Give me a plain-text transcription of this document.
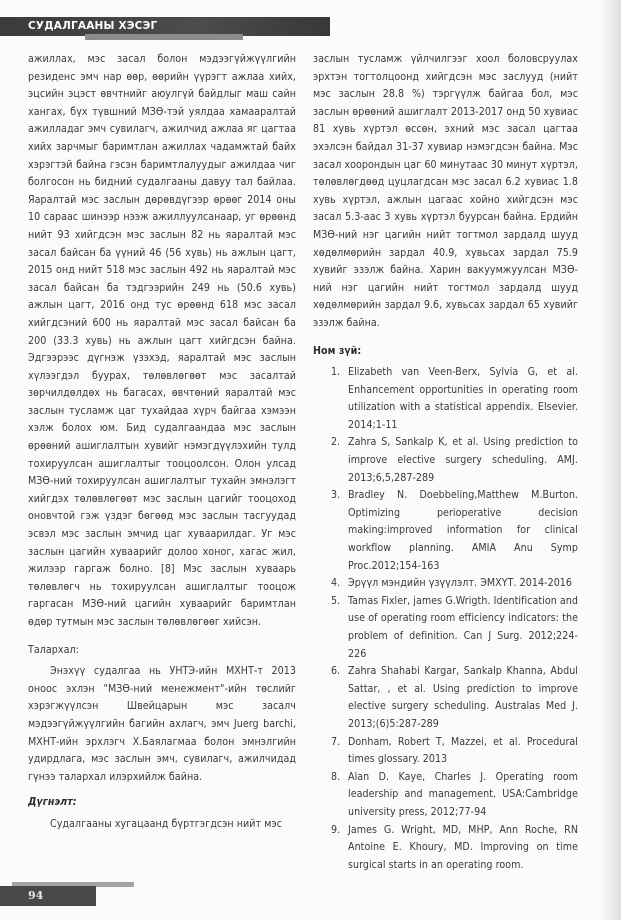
СУДАЛГААНЫ ХЭСЭГ

ажиллах, мэс засал болон мэдээгүйжүүлгийн резиденс эмч нар өөр, өөрийн үүрэгт ажлаа хийх, эцсийн эцэст өвчтнийг аюулгүй байдлыг маш сайн хангах, бүх түвшний МЗӨ-тэй уялдаа хамааралтай ажилладаг эмч сувилагч, ажилчид ажлаа яг цагтаа хийх зарчмыг баримтлан ажиллах чадамжтай байх хэрэгтэй байна гэсэн баримтлалуудыг ажилдаа чиг болгосон нь бидний судалгааны давуу тал байлаа. Яаралтай мэс заслын дөрөвдүгээр өрөөг 2014 оны 10 сараас шинээр нээж ажиллуулсанаар, уг өрөөнд нийт 93 хийгдсэн мэс заслын 82 нь яаралтай мэс засал байсан ба үүний 46 (56 хувь) нь ажлын цагт, 2015 онд нийт 518 мэс заслын 492 нь яаралтай мэс засал байсан ба тэдгээрийн 249 нь (50.6 хувь) ажлын цагт, 2016 онд тус өрөөнд 618 мэс засал хийгдсэний 600 нь яаралтай мэс засал байсан ба 200 (33.3 хувь) нь ажлын цагт хийгдсэн байна. Эдгээрээс дүгнэж үзэхэд, яаралтай мэс заслын хүлээгдэл буурах, төлөвлөгөөт мэс засалтай зөрчилдөлдөх нь багасах, өвчтөний яаралтай мэс заслын тусламж цаг тухайдаа хүрч байгаа хэмээн хэлж болох юм. Бид судалгаандаа мэс заслын өрөөний ашиглалтын хувийг нэмэгдүүлэхийн тулд тохируулсан ашиглалтыг тооцоолсон. Олон улсад МЗӨ-ний тохируулсан ашиглалтыг тухайн эмнэлэгт хийгдэх төлөвлөгөөт мэс заслын цагийг тооцоход оновчтой гэж үздэг бөгөөд мэс заслын тасгуудад эсвэл мэс заслын эмчид цаг хуваарилдаг. Уг мэс заслын цагийн хуваарийг долоо хоног, хагас жил, жилээр гаргаж болно. [8] Мэс заслын хуваарь төлөвлөгч нь тохируулсан ашиглалтыг тооцож гаргасан МЗӨ-ний цагийн хуваарийг баримтлан өдөр тутмын мэс заслын төлөвлөгөөг хийсэн.

Талархал:

Энэхүү судалгаа нь УНТЭ-ийн МХНТ-т 2013 оноос эхлэн "МЗӨ-ний менежмент"-ийн төслийг хэрэгжүүлсэн Швейцарын мэс засалч мэдээгүйжүүлгийн багийн ахлагч, эмч Juerg barchi, МХНТ-ийн эрхлэгч Х.Баялагмаа болон эмнэлгийн удирдлага, мэс заслын эмч, сувилагч, ажилчидад гүнээ талархал илэрхийлж байна.

Дүгнэлт:

Судалгааны хугацаанд бүртгэгдсэн нийт мэс

заслын тусламж үйлчилгээг хоол боловсруулах эрхтэн тогтолцоонд хийгдсэн мэс заслууд (нийт мэс заслын 28.8 %) тэргүүлж байгаа бол, мэс заслын өрөөний ашиглалт 2013-2017 онд 50 хувиас 81 хувь хүртэл өссөн, эхний мэс засал цагтаа эхэлсэн байдал 31-37 хувиар нэмэгдсэн байна. Мэс засал хоорондын цаг 60 минутаас 30 минут хүртэл, төлөвлөгдөөд цуцлагдсан мэс засал 6.2 хувиас 1.8 хувь хүртэл, ажлын цагаас хойно хийгдсэн мэс засал 5.3-аас 3 хувь хүртэл буурсан байна. Ердийн МЗӨ-ний нэг цагийн нийт тогтмол зардалд шууд хөдөлмөрийн зардал 40.9, хувьсах зардал 75.9 хувийг эзэлж байна. Харин вакуумжуулсан МЗӨ-ний нэг цагийн нийт тогтмол зардалд шууд хөдөлмөрийн зардал 9.6, хувьсах зардал 65 хувийг эзэлж байна.

Ном зүй:

1. Elizabeth van Veen-Berx, Sylvia G, et al. Enhancement opportunities in operating room utilization with a statistical appendix. Elsevier. 2014;1-11
2. Zahra S, Sankalp K, et al. Using prediction to improve elective surgery scheduling. AMJ. 2013;6,5,287-289
3. Bradley N. Doebbeling,Matthew M.Burton. Optimizing perioperative decision making:improved information for clinical workflow planning. AMIA Anu Symp Proc.2012;154-163
4. Эрүүл мэндийн үзүүлэлт. ЭМХҮТ. 2014-2016
5. Tamas Fixler, james G.Wrigth. Identification and use of operating room efficiency indicators: the problem of definition. Can J Surg. 2012;224-226
6. Zahra Shahabi Kargar, Sankalp Khanna, Abdul Sattar, , et al. Using prediction to improve elective surgery scheduling. Australas Med J. 2013;(6)5:287-289
7. Donham, Robert T, Mazzei, et al. Procedural times glossary. 2013
8. Alan D. Kaye, Charles J. Operating room leadership and management. USA:Cambridge university press, 2012;77-94
9. James G. Wright, MD, MHP, Ann Roche, RN Antoine E. Khoury, MD. Improving on time surgical starts in an operating room.
94
